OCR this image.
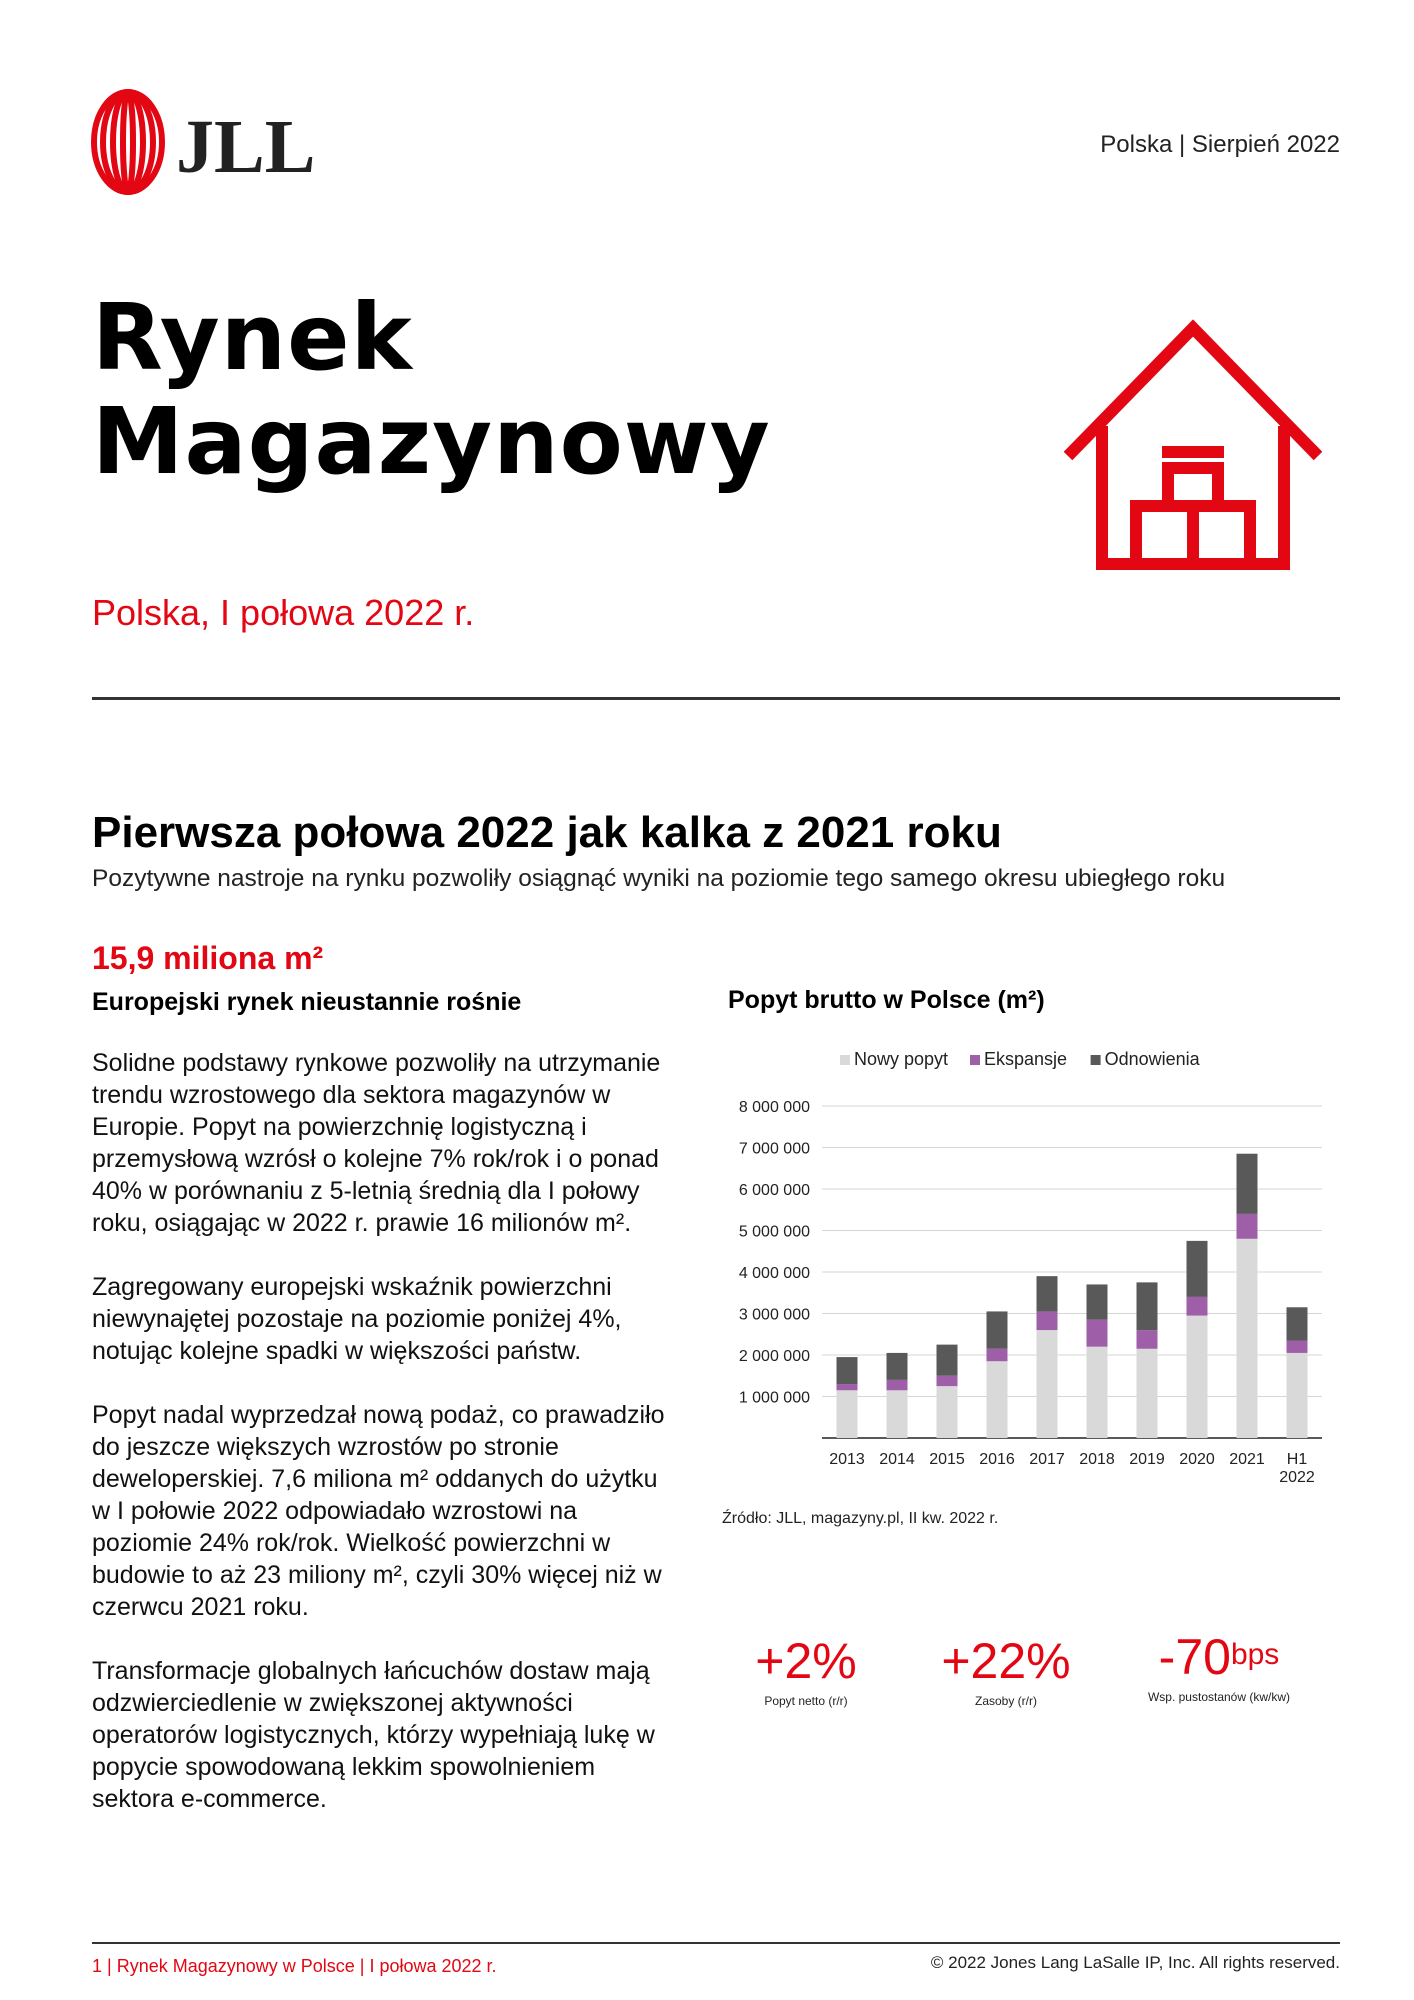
JLL	Polska | Sierpień 2022
Rynek
Magazynowy
Polska, I połowa 2022 r.
Pierwsza połowa 2022 jak kalka z 2021 roku
Pozytywne nastroje na rynku pozwoliły osiągnąć wyniki na poziomie tego samego okresu ubiegłego roku
15,9 miliona m²
Europejski rynek nieustannie rośnie

Solidne podstawy rynkowe pozwoliły na utrzymanie trendu wzrostowego dla sektora magazynów w Europie. Popyt na powierzchnię logistyczną i przemysłową wzrósł o kolejne 7% rok/rok i o ponad 40% w porównaniu z 5-letnią średnią dla I połowy roku, osiągając w 2022 r. prawie 16 milionów m².

Zagregowany europejski wskaźnik powierzchni niewynajętej pozostaje na poziomie poniżej 4%, notując kolejne spadki w większości państw.

Popyt nadal wyprzedzał nową podaż, co prawadziło do jeszcze większych wzrostów po stronie deweloperskiej. 7,6 miliona m² oddanych do użytku w I połowie 2022 odpowiadało wzrostowi na poziomie 24% rok/rok. Wielkość powierzchni w budowie to aż 23 miliony m², czyli 30% więcej niż w czerwcu 2021 roku.

Transformacje globalnych łańcuchów dostaw mają odzwierciedlenie w zwiększonej aktywności operatorów logistycznych, którzy wypełniają lukę w popycie spowodowaną lekkim spowolnieniem sektora e-commerce.

Popyt brutto w Polsce (m²)
1 000 000
2 000 000
3 000 000
4 000 000
5 000 000
6 000 000
7 000 000
8 000 000
2013 2014 2015 2016 2017 2018 2019 2020 2021 H1
2022
Nowy popyt Ekspansje Odnowienia
Źródło: JLL, magazyny.pl, II kw. 2022 r.
+2%
Popyt netto (r/r)
+22%
Zasoby (r/r)
$-70^{bps}$
Wsp. pustostanów (kw/kw)
1 | Rynek Magazynowy w Polsce | I połowa 2022 r.	© 2022 Jones Lang LaSalle IP, Inc. All rights reserved.
